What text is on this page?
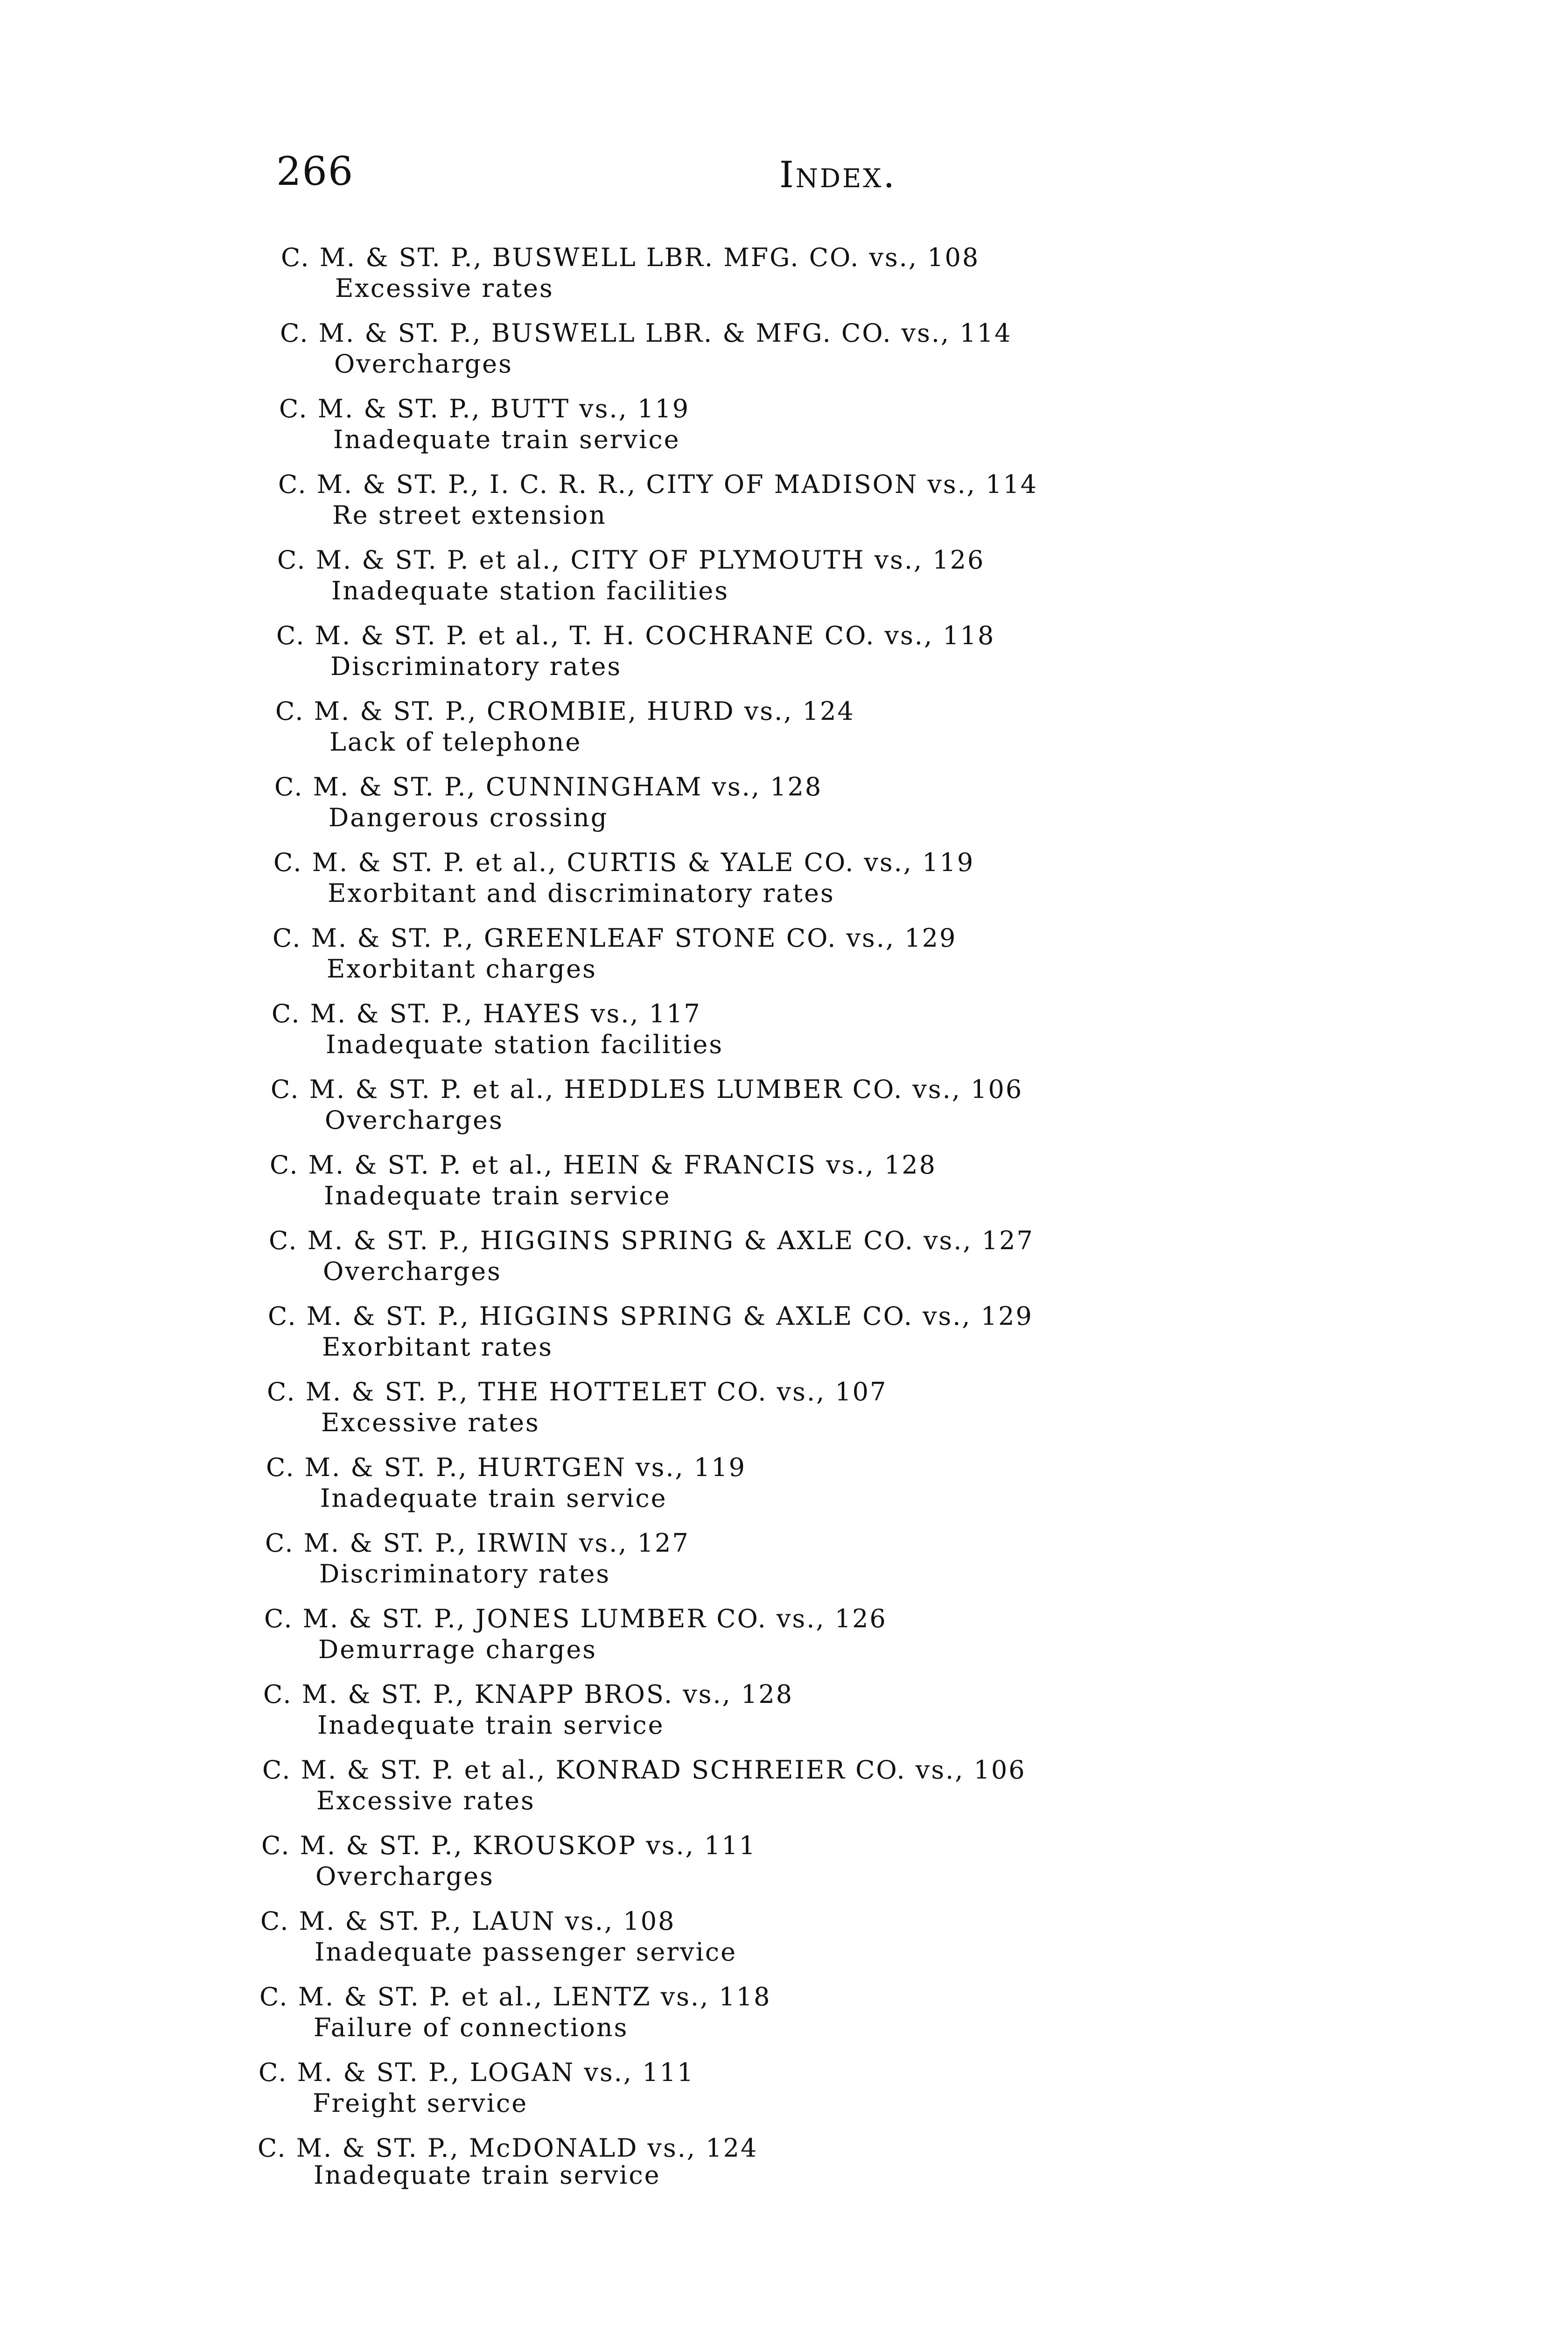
266	Index.
C. M. & ST. P., BUSWELL LBR. MFG. CO. vs., 108
Excessive rates
C. M. & ST. P., BUSWELL LBR. & MFG. CO. vs., 114
Overcharges
C. M. & ST. P., BUTT vs., 119
Inadequate train service
C. M. & ST. P., I. C. R. R., CITY OF MADISON vs., 114
Re street extension
C. M. & ST. P. et al., CITY OF PLYMOUTH vs., 126
Inadequate station facilities
C. M. & ST. P. et al., T. H. COCHRANE CO. vs., 118
Discriminatory rates
C. M. & ST. P., CROMBIE, HURD vs., 124
Lack of telephone
C. M. & ST. P., CUNNINGHAM vs., 128
Dangerous crossing
C. M. & ST. P. et al., CURTIS & YALE CO. vs., 119
Exorbitant and discriminatory rates
C. M. & ST. P., GREENLEAF STONE CO. vs., 129
Exorbitant charges
C. M. & ST. P., HAYES vs., 117
Inadequate station facilities
C. M. & ST. P. et al., HEDDLES LUMBER CO. vs., 106
Overcharges
C. M. & ST. P. et al., HEIN & FRANCIS vs., 128
Inadequate train service
C. M. & ST. P., HIGGINS SPRING & AXLE CO. vs., 127
Overcharges
C. M. & ST. P., HIGGINS SPRING & AXLE CO. vs., 129
Exorbitant rates
C. M. & ST. P., THE HOTTELET CO. vs., 107
Excessive rates
C. M. & ST. P., HURTGEN vs., 119
Inadequate train service
C. M. & ST. P., IRWIN vs., 127
Discriminatory rates
C. M. & ST. P., JONES LUMBER CO. vs., 126
Demurrage charges
C. M. & ST. P., KNAPP BROS. vs., 128
Inadequate train service
C. M. & ST. P. et al., KONRAD SCHREIER CO. vs., 106
Excessive rates
C. M. & ST. P., KROUSKOP vs., 111
Overcharges
C. M. & ST. P., LAUN vs., 108
Inadequate passenger service
C. M. & ST. P. et al., LENTZ vs., 118
Failure of connections
C. M. & ST. P., LOGAN vs., 111
Freight service
C. M. & ST. P., McDONALD vs., 124
Inadequate train service
